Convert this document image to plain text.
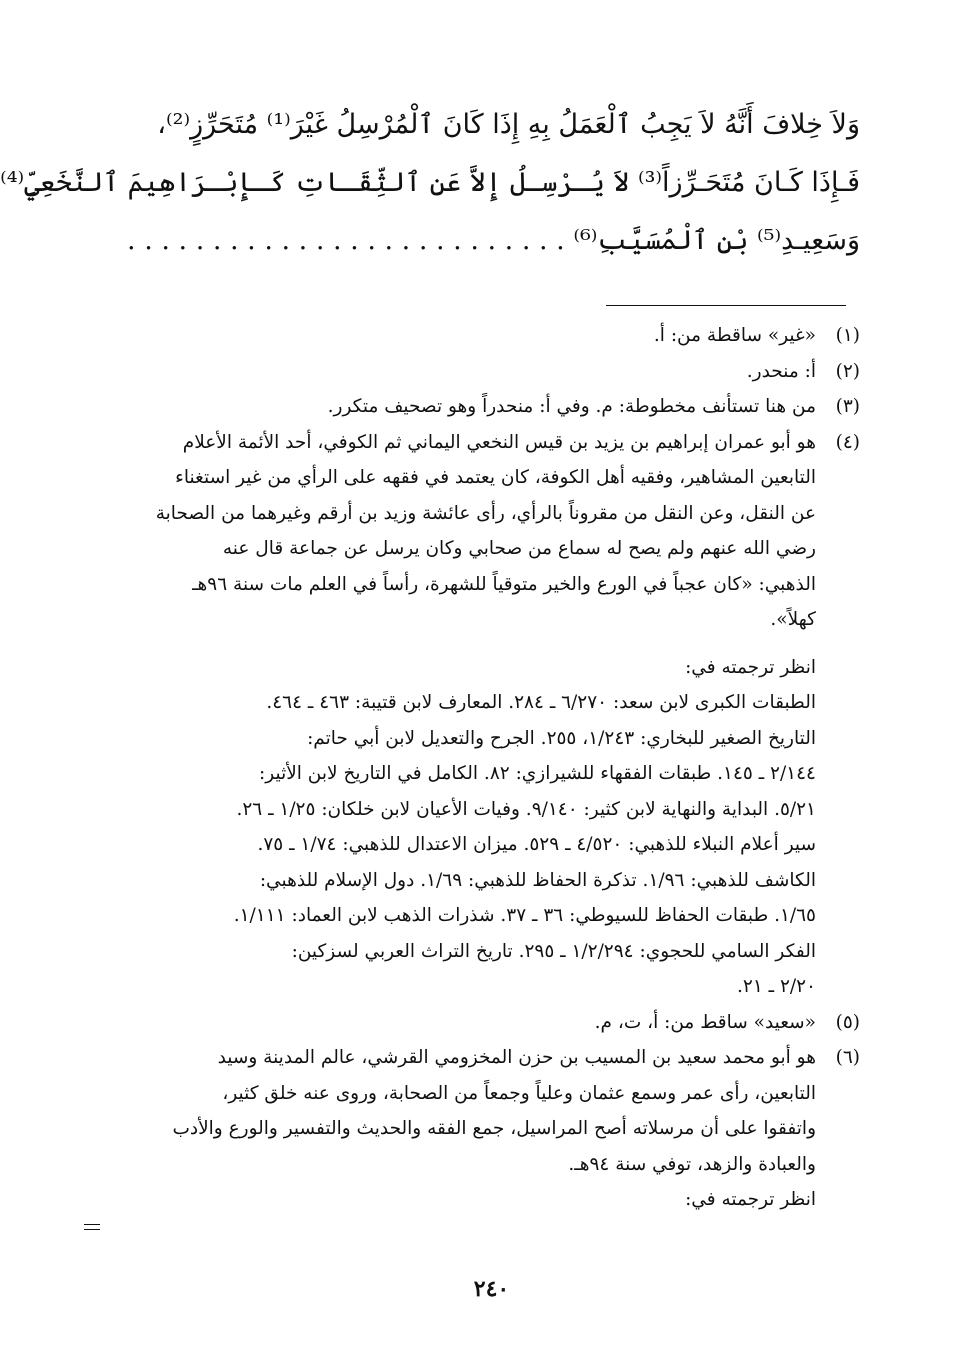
وَلاَ خِلافَ أَنَّهُ لاَ يَجِبُ ٱلْعَمَلُ بِهِ إِذَا كَانَ ٱلْمُرْسِلُ غَيْرَ⁽¹⁾ مُتَحَرِّزٍ⁽²⁾،
فَـإِذَا كَـانَ مُتَحَـرِّزاً⁽³⁾ لاَ يُـرْسِـلُ إِلاَّ عَنِ ٱلثِّقَـاتِ كَـإِبْـرَاهِيمَ ٱلنَّخَعِيِّ⁽⁴⁾
وَسَعِيـدِ⁽⁵⁾ بْنِ ٱلْمُسَيَّبِ⁽⁶⁾ . . . . . . . . . . . . . . . . . . . . . . . . . .
(١)
«غير» ساقطة من: أ.
(٢)
أ: منحدر.
(٣)
من هنا تستأنف مخطوطة: م. وفي أ: منحدراً وهو تصحيف متكرر.
(٤)
هو أبو عمران إبراهيم بن يزيد بن قيس النخعي اليماني ثم الكوفي، أحد الأئمة الأعلام
التابعين المشاهير، وفقيه أهل الكوفة، كان يعتمد في فقهه على الرأي من غير استغناء
عن النقل، وعن النقل من مقروناً بالرأي، رأى عائشة وزيد بن أرقم وغيرهما من الصحابة
رضي الله عنهم ولم يصح له سماع من صحابي وكان يرسل عن جماعة قال عنه
الذهبي: «كان عجباً في الورع والخير متوقياً للشهرة، رأساً في العلم مات سنة ٩٦هـ
كهلاً».
انظر ترجمته في:
الطبقات الكبرى لابن سعد: ٦/٢٧٠ ـ ٢٨٤. المعارف لابن قتيبة: ٤٦٣ ـ ٤٦٤.
التاريخ الصغير للبخاري: ١/٢٤٣، ٢٥٥. الجرح والتعديل لابن أبي حاتم:
٢/١٤٤ ـ ١٤٥. طبقات الفقهاء للشيرازي: ٨٢. الكامل في التاريخ لابن الأثير:
٥/٢١. البداية والنهاية لابن كثير: ٩/١٤٠. وفيات الأعيان لابن خلكان: ١/٢٥ ـ ٢٦.
سير أعلام النبلاء للذهبي: ٤/٥٢٠ ـ ٥٢٩. ميزان الاعتدال للذهبي: ١/٧٤ ـ ٧٥.
الكاشف للذهبي: ١/٩٦. تذكرة الحفاظ للذهبي: ١/٦٩. دول الإسلام للذهبي:
١/٦٥. طبقات الحفاظ للسيوطي: ٣٦ ـ ٣٧. شذرات الذهب لابن العماد: ١/١١١.
الفكر السامي للحجوي: ١/٢/٢٩٤ ـ ٢٩٥. تاريخ التراث العربي لسزكين:
٢/٢٠ ـ ٢١.
(٥)
«سعيد» ساقط من: أ، ت، م.
(٦)
هو أبو محمد سعيد بن المسيب بن حزن المخزومي القرشي، عالم المدينة وسيد
التابعين، رأى عمر وسمع عثمان وعلياً وجمعاً من الصحابة، وروى عنه خلق كثير،
واتفقوا على أن مرسلاته أصح المراسيل، جمع الفقه والحديث والتفسير والورع والأدب
والعبادة والزهد، توفي سنة ٩٤هـ.
انظر ترجمته في:
٢٤٠
